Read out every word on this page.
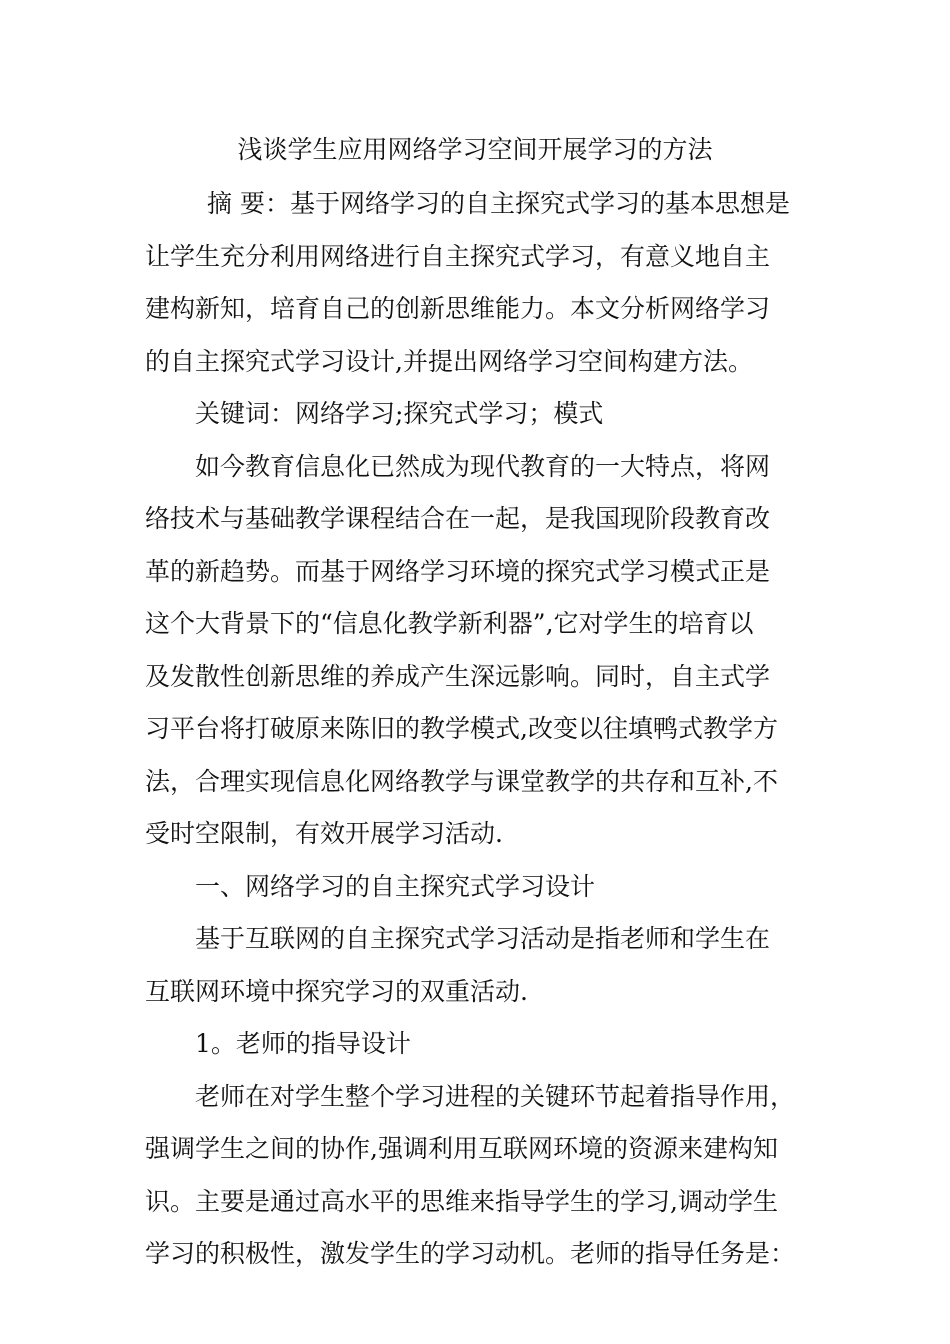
浅谈学生应用网络学习空间开展学习的方法
摘 要：基于网络学习的自主探究式学习的基本思想是
让学生充分利用网络进行自主探究式学习，有意义地自主
建构新知，培育自己的创新思维能力。本文分析网络学习
的自主探究式学习设计,并提出网络学习空间构建方法。
关键词：网络学习;探究式学习；模式
如今教育信息化已然成为现代教育的一大特点，将网
络技术与基础教学课程结合在一起，是我国现阶段教育改
革的新趋势。而基于网络学习环境的探究式学习模式正是
这个大背景下的“信息化教学新利器”,它对学生的培育以
及发散性创新思维的养成产生深远影响。同时，自主式学
习平台将打破原来陈旧的教学模式,改变以往填鸭式教学方
法，合理实现信息化网络教学与课堂教学的共存和互补,不
受时空限制，有效开展学习活动.
一、网络学习的自主探究式学习设计
基于互联网的自主探究式学习活动是指老师和学生在
互联网环境中探究学习的双重活动.
1。老师的指导设计
老师在对学生整个学习进程的关键环节起着指导作用，
强调学生之间的协作,强调利用互联网环境的资源来建构知
识。主要是通过高水平的思维来指导学生的学习,调动学生
学习的积极性，激发学生的学习动机。老师的指导任务是：
